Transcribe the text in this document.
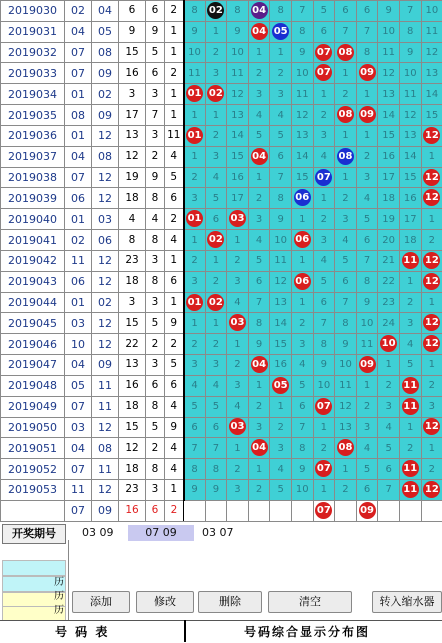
2019030	02	04	6	6	2	8	02	8	04	8	7	5	6	6	9	7	10
2019031	04	05	9	9	1	9	1	9	04	05	8	6	7	7	10	8	11
2019032	07	08	15	5	1	10	2	10	1	1	9	07	08	8	11	9	12
2019033	07	09	16	6	2	11	3	11	2	2	10	07	1	09	12	10	13
2019034	01	02	3	3	1	01	02	12	3	3	11	1	2	1	13	11	14
2019035	08	09	17	7	1	1	1	13	4	4	12	2	08	09	14	12	15
2019036	01	12	13	3	11	01	2	14	5	5	13	3	1	1	15	13	12
2019037	04	08	12	2	4	1	3	15	04	6	14	4	08	2	16	14	1
2019038	07	12	19	9	5	2	4	16	1	7	15	07	1	3	17	15	12
2019039	06	12	18	8	6	3	5	17	2	8	06	1	2	4	18	16	12
2019040	01	03	4	4	2	01	6	03	3	9	1	2	3	5	19	17	1
2019041	02	06	8	8	4	1	02	1	4	10	06	3	4	6	20	18	2
2019042	11	12	23	3	1	2	1	2	5	11	1	4	5	7	21	11	12
2019043	06	12	18	8	6	3	2	3	6	12	06	5	6	8	22	1	12
2019044	01	02	3	3	1	01	02	4	7	13	1	6	7	9	23	2	1
2019045	03	12	15	5	9	1	1	03	8	14	2	7	8	10	24	3	12
2019046	10	12	22	2	2	2	2	1	9	15	3	8	9	11	10	4	12
2019047	04	09	13	3	5	3	3	2	04	16	4	9	10	09	1	5	1
2019048	05	11	16	6	6	4	4	3	1	05	5	10	11	1	2	11	2
2019049	07	11	18	8	4	5	5	4	2	1	6	07	12	2	3	11	3
2019050	03	12	15	5	9	6	6	03	3	2	7	1	13	3	4	1	12
2019051	04	08	12	2	4	7	7	1	04	3	8	2	08	4	5	2	1
2019052	07	11	18	8	4	8	8	2	1	4	9	07	1	5	6	11	2
2019053	11	12	23	3	1	9	9	3	2	5	10	1	2	6	7	11	12
	07	09	16	6	2							07		09			
开奖期号	03 09	07 09	03 07
历
历
历
添加	修改	删除	清空	转入缩水器
号 码 表	号码综合显示分布图
